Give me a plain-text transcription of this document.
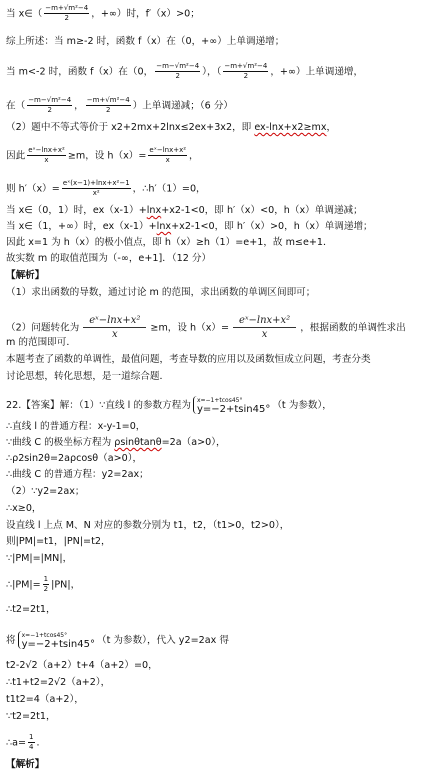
当 x∈（ $\frac{\text{−m+√m²−4}}{2}$ ，+∞）时，f′（x）>0；
综上所述：当 m≥-2 时，函数 f（x）在（0，+∞）上单调递增；
当 m<-2 时，函数 f（x）在（0， $\frac{\text{−m−√m²−4}}{2}$ ），（ $\frac{\text{−m+√m²−4}}{2}$ ，+∞）上单调递增，
在（ $\frac{\text{−m−√m²−4}}{2}$ ， $\frac{\text{−m+√m²−4}}{2}$ ）上单调递减；（6 分）
（2）题中不等式等价于 x2+2mx+2lnx≤2ex+3x2，即 ex-lnx+x2≥mx，
因此 $\frac{\text{eˣ−lnx+x²}}{x} \ge m$，设 $h(x)= \frac{\text{eˣ−lnx+x²}}{x}$ ，
则 $h'(x)= \frac{\text{eˣ(x−1)+lnx+x²−1}}{\text{x²}}$ ，∴h′（1）=0，
当 x∈（0，1）时，ex（x-1）+lnx+x2-1<0，即 h′（x）<0，h（x）单调递减；
当 x∈（1，+∞）时，ex（x-1）+lnx+x2-1<0，即 h′（x）>0，h（x）单调递增；
因此 x=1 为 h（x）的极小值点，即 h（x）≥h（1）=e+1，故 m≤e+1．
故实数 m 的取值范围为（-∞，e+1]．（12 分）
【解析】
（1）求出函数的导数，通过讨论 m 的范围，求出函数的单调区间即可；
（2）问题转化为 $\frac{\text{eˣ−lnx+x²}}{x} \ge m$，设 $h(x)= \frac{\text{eˣ−lnx+x²}}{x}$ ，根据函数的单调性求出
m 的范围即可．
本题考查了函数的单调性，最值问题，考查导数的应用以及函数恒成立问题，考查分类
讨论思想，转化思想，是一道综合题．
22.【答案】解：（1）∵直线 l 的参数方程为 x=−1+tcos45°
y=−2+tsin45° （t 为参数），
∴直线 l 的普通方程：x-y-1=0，
∵曲线 C 的极坐标方程为 ρsinθtanθ=2a（a>0），
∴ρ2sin2θ=2aρcosθ（a>0），
∴曲线 C 的普通方程：y2=2ax；
（2）∵y2=2ax；
∴x≥0，
设直线 l 上点 M、N 对应的参数分别为 t1，t2，（t1>0，t2>0），
则|PM|=t1，|PN|=t2，
∵|PM|=|MN|，
∴|PM|= $\frac{1}{2} |PN|$，
∴t2=2t1，
将 x=−1+tcos45°
y=−2+tsin45° （t 为参数），代入 y2=2ax 得
t2-2√2（a+2）t+4（a+2）=0，
∴t1+t2=2√2（a+2），
t1t2=4（a+2），
∵t2=2t1，
∴a= $\frac{1}{4}$ ．
【解析】
